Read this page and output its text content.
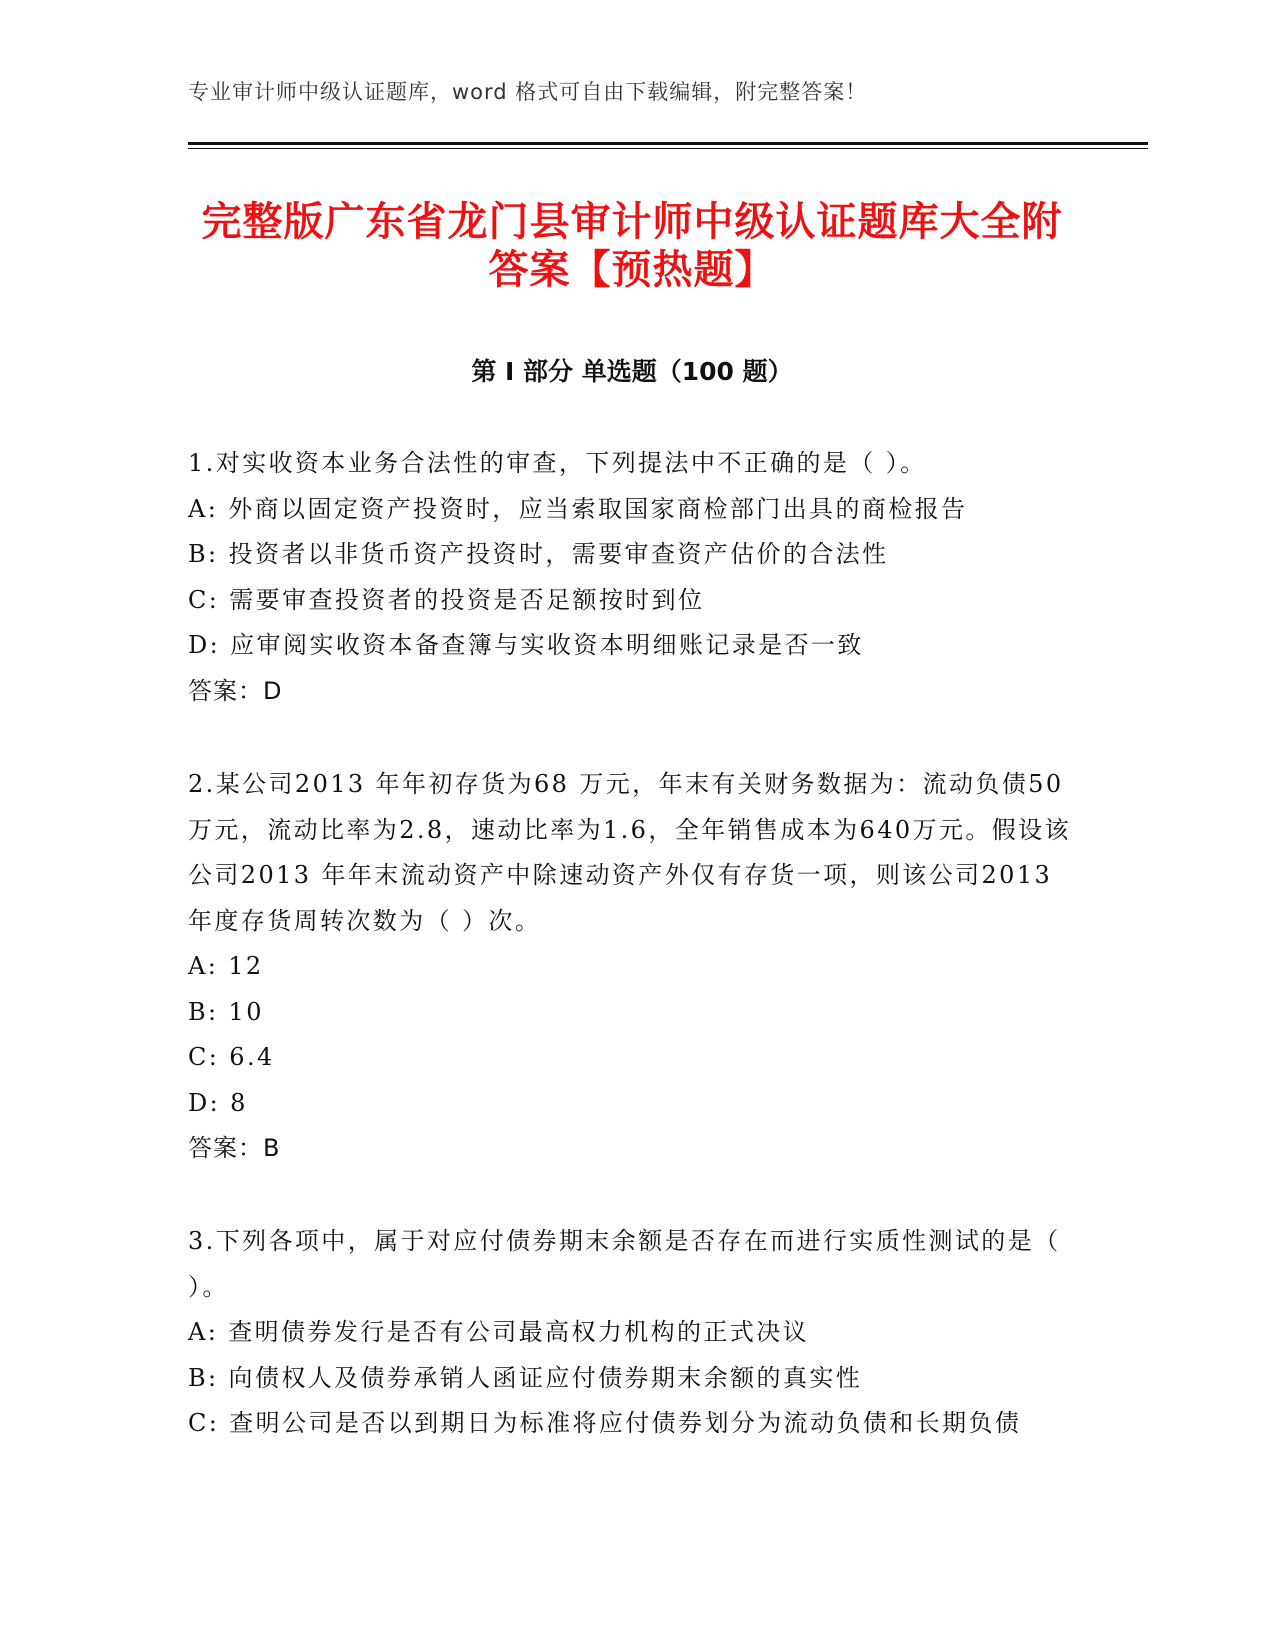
专业审计师中级认证题库，word 格式可自由下载编辑，附完整答案！
完整版广东省龙门县审计师中级认证题库大全附答案【预热题】
第 I 部分 单选题（100 题）

1.对实收资本业务合法性的审查，下列提法中不正确的是（ ）。

A: 外商以固定资产投资时，应当索取国家商检部门出具的商检报告

B: 投资者以非货币资产投资时，需要审查资产估价的合法性

C: 需要审查投资者的投资是否足额按时到位

D: 应审阅实收资本备查簿与实收资本明细账记录是否一致

答案：D

2.某公司2013 年年初存货为68 万元，年末有关财务数据为：流动负债50 万元，流动比率为2.8，速动比率为1.6，全年销售成本为640万元。假设该公司2013 年年末流动资产中除速动资产外仅有存货一项，则该公司2013 年度存货周转次数为（ ）次。

A: 12

B: 10

C: 6.4

D: 8

答案：B

3.下列各项中，属于对应付债券期末余额是否存在而进行实质性测试的是（ ）。

A: 查明债券发行是否有公司最高权力机构的正式决议

B: 向债权人及债券承销人函证应付债券期末余额的真实性

C: 查明公司是否以到期日为标准将应付债券划分为流动负债和长期负债
